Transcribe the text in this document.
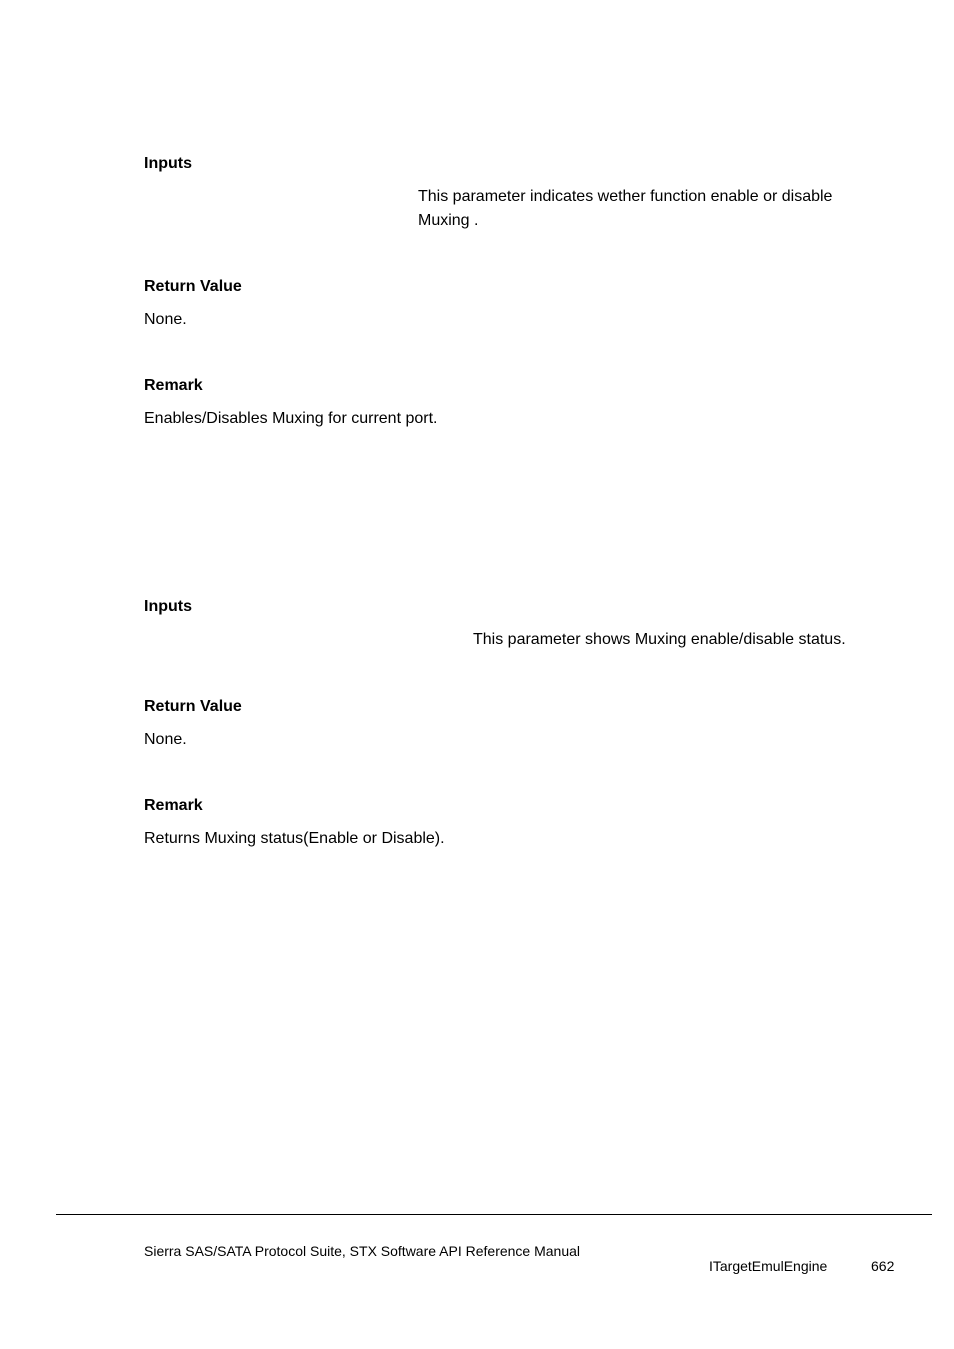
Inputs
This parameter indicates wether function enable or disable
Muxing .
Return Value
None.
Remark
Enables/Disables Muxing for current port.
Inputs
This parameter shows Muxing enable/disable status.
Return Value
None.
Remark
Returns Muxing status(Enable or Disable).
Sierra SAS/SATA Protocol Suite, STX Software API Reference Manual
ITargetEmulEngine	662
